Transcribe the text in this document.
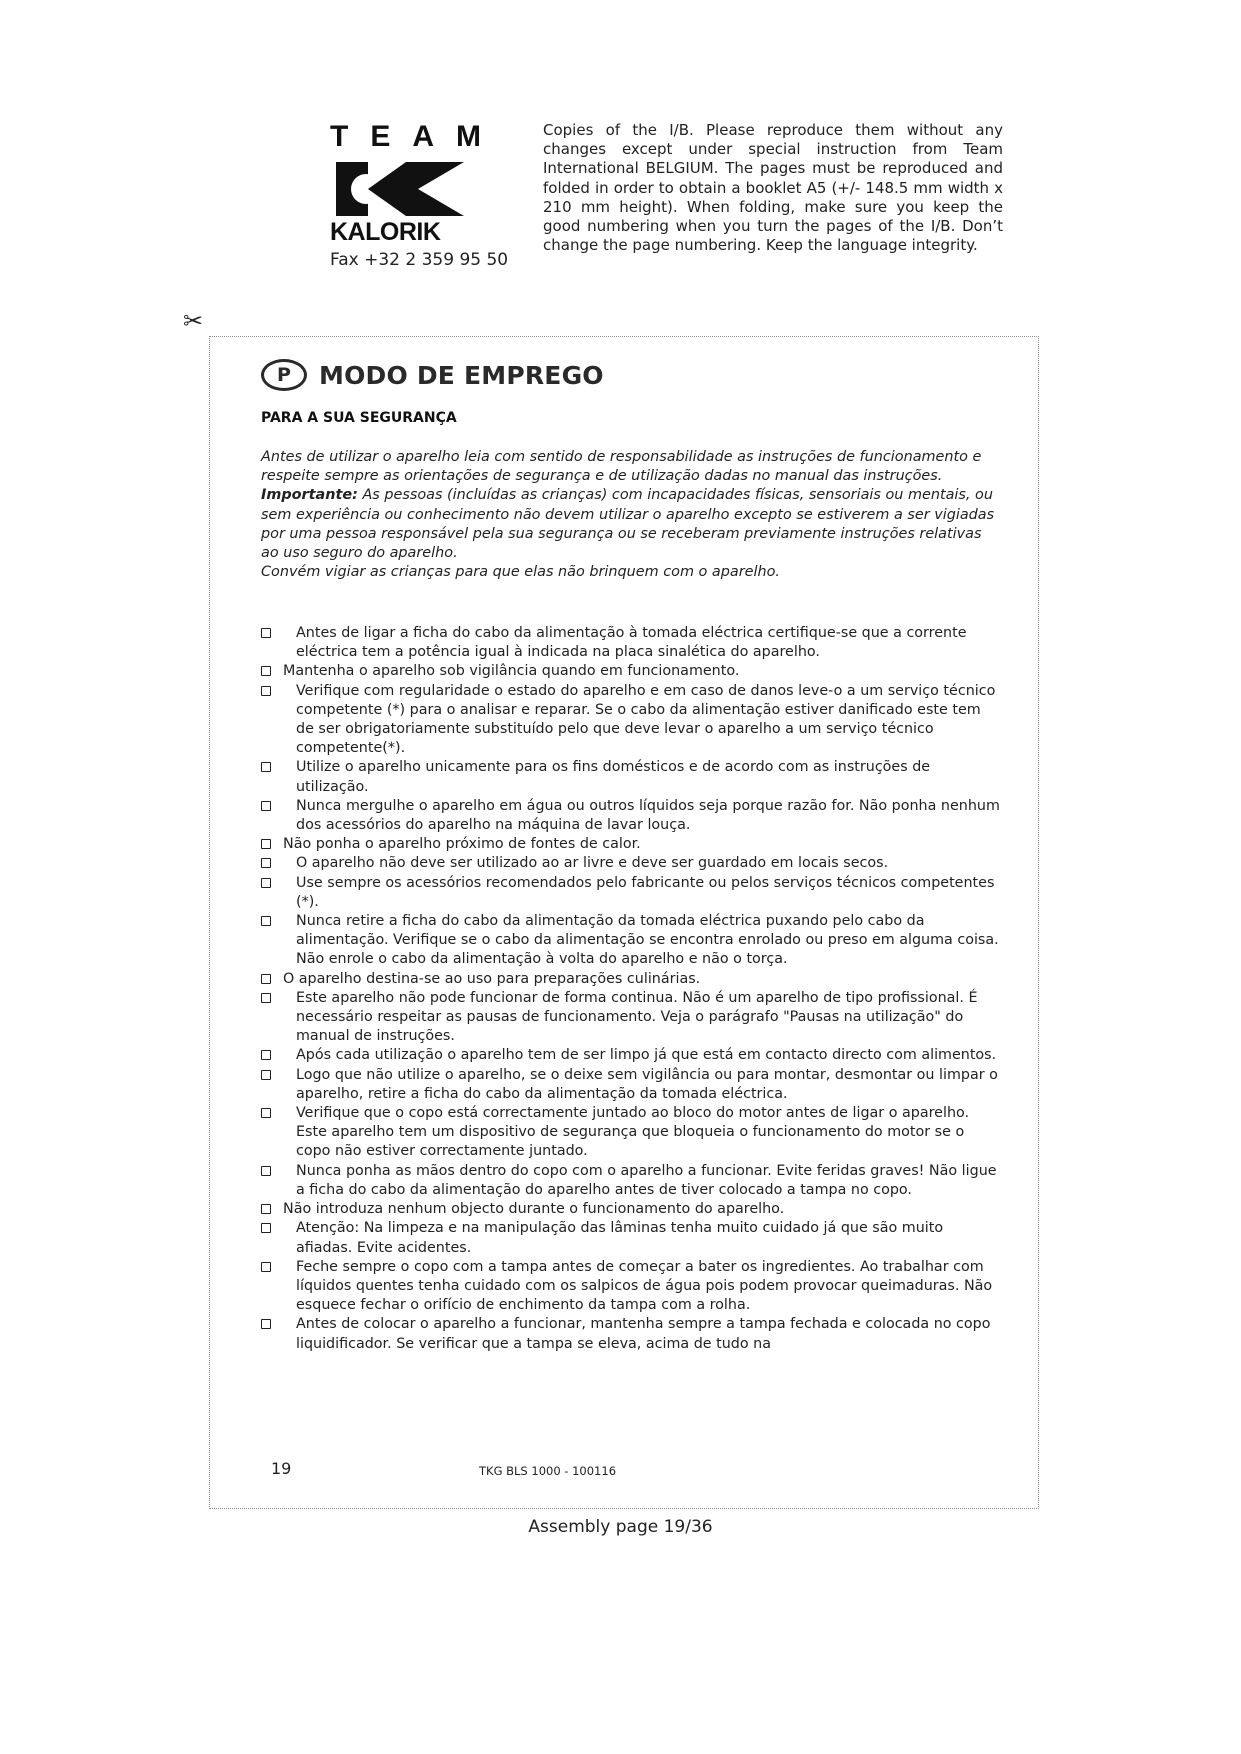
TEAM
KALORIK
Fax +32 2 359 95 50
Copies of the I/B. Please reproduce them without any changes except under special instruction from Team International BELGIUM. The pages must be reproduced and folded in order to obtain a booklet A5 (+/- 148.5 mm width x 210 mm height). When folding, make sure you keep the good numbering when you turn the pages of the I/B. Don’t change the page numbering. Keep the language integrity.
✂
P	MODO DE EMPREGO
PARA A SUA SEGURANÇA

Antes de utilizar o aparelho leia com sentido de responsabilidade as instruções de funcionamento e respeite sempre as orientações de segurança e de utilização dadas no manual das instruções.

Importante: As pessoas (incluídas as crianças) com incapacidades físicas, sensoriais ou mentais, ou sem experiência ou conhecimento não devem utilizar o aparelho excepto se estiverem a ser vigiadas por uma pessoa responsável pela sua segurança ou se receberam previamente instruções relativas ao uso seguro do aparelho.

Convém vigiar as crianças para que elas não brinquem com o aparelho.

Antes de ligar a ficha do cabo da alimentação à tomada eléctrica certifique-se que a corrente eléctrica tem a potência igual à indicada na placa sinalética do aparelho.
Mantenha o aparelho sob vigilância quando em funcionamento.
Verifique com regularidade o estado do aparelho e em caso de danos leve-o a um serviço técnico competente (*) para o analisar e reparar. Se o cabo da alimentação estiver danificado este tem de ser obrigatoriamente substituído pelo que deve levar o aparelho a um serviço técnico competente(*).
Utilize o aparelho unicamente para os fins domésticos e de acordo com as instruções de utilização.
Nunca mergulhe o aparelho em água ou outros líquidos seja porque razão for. Não ponha nenhum dos acessórios do aparelho na máquina de lavar louça.
Não ponha o aparelho próximo de fontes de calor.
O aparelho não deve ser utilizado ao ar livre e deve ser guardado em locais secos.
Use sempre os acessórios recomendados pelo fabricante ou pelos serviços técnicos competentes (*).
Nunca retire a ficha do cabo da alimentação da tomada eléctrica puxando pelo cabo da alimentação. Verifique se o cabo da alimentação se encontra enrolado ou preso em alguma coisa. Não enrole o cabo da alimentação à volta do aparelho e não o torça.
O aparelho destina-se ao uso para preparações culinárias.
Este aparelho não pode funcionar de forma continua. Não é um aparelho de tipo profissional. É necessário respeitar as pausas de funcionamento. Veja o parágrafo "Pausas na utilização" do manual de instruções.
Após cada utilização o aparelho tem de ser limpo já que está em contacto directo com alimentos.
Logo que não utilize o aparelho, se o deixe sem vigilância ou para montar, desmontar ou limpar o aparelho, retire a ficha do cabo da alimentação da tomada eléctrica.
Verifique que o copo está correctamente juntado ao bloco do motor antes de ligar o aparelho. Este aparelho tem um dispositivo de segurança que bloqueia o funcionamento do motor se o copo não estiver correctamente juntado.
Nunca ponha as mãos dentro do copo com o aparelho a funcionar. Evite feridas graves! Não ligue a ficha do cabo da alimentação do aparelho antes de tiver colocado a tampa no copo.
Não introduza nenhum objecto durante o funcionamento do aparelho.
Atenção: Na limpeza e na manipulação das lâminas tenha muito cuidado já que são muito afiadas. Evite acidentes.
Feche sempre o copo com a tampa antes de começar a bater os ingredientes. Ao trabalhar com líquidos quentes tenha cuidado com os salpicos de água pois podem provocar queimaduras. Não esquece fechar o orifício de enchimento da tampa com a rolha.
Antes de colocar o aparelho a funcionar, mantenha sempre a tampa fechada e colocada no copo liquidificador. Se verificar que a tampa se eleva, acima de tudo na
19	TKG BLS 1000 - 100116
Assembly page 19/36
